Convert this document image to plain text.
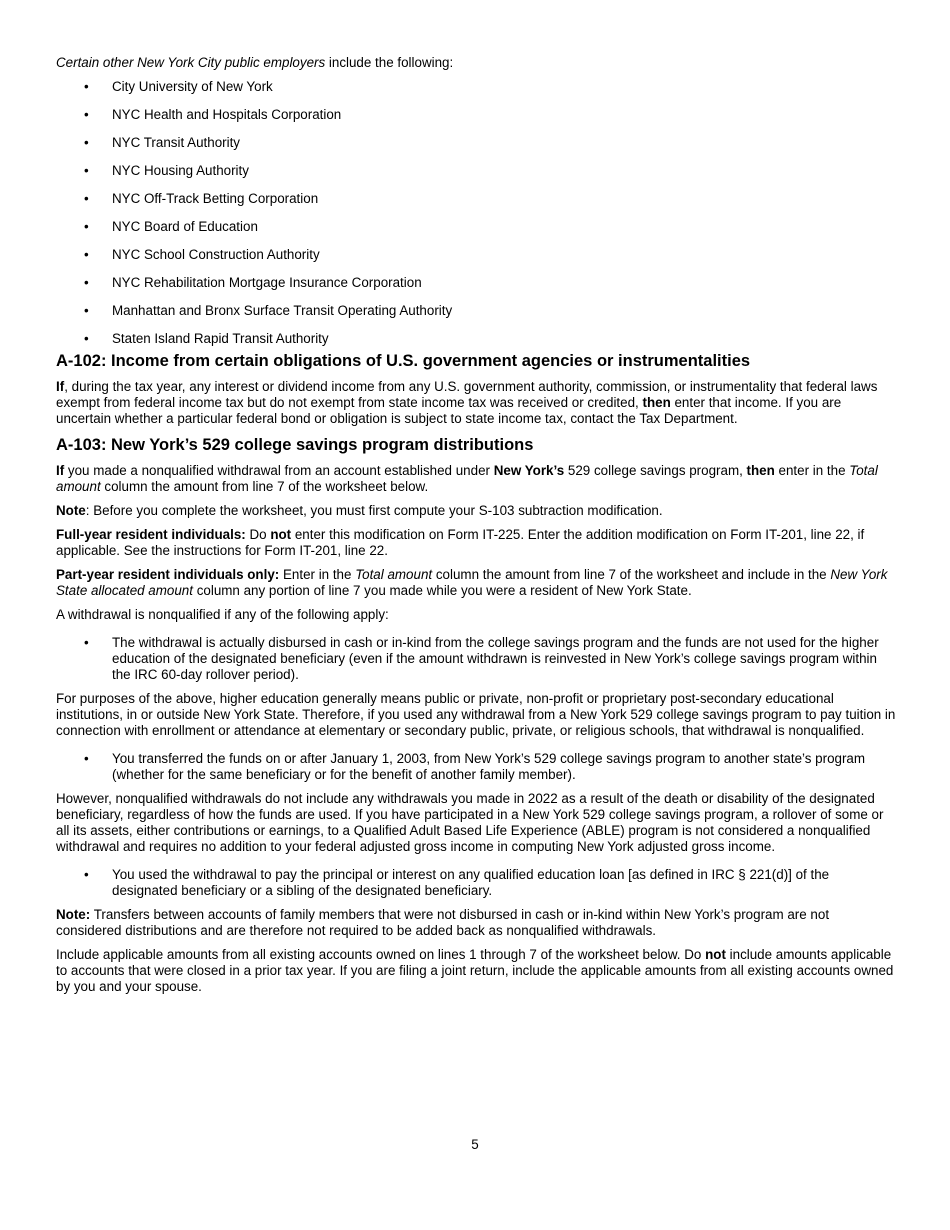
Certain other New York City public employers include the following:

• City University of New York
• NYC Health and Hospitals Corporation
• NYC Transit Authority
• NYC Housing Authority
• NYC Off-Track Betting Corporation
• NYC Board of Education
• NYC School Construction Authority
• NYC Rehabilitation Mortgage Insurance Corporation
• Manhattan and Bronx Surface Transit Operating Authority
• Staten Island Rapid Transit Authority
A-102: Income from certain obligations of U.S. government agencies or instrumentalities

If, during the tax year, any interest or dividend income from any U.S. government authority, commission, or instrumentality that federal laws exempt from federal income tax but do not exempt from state income tax was received or credited, then enter that income. If you are uncertain whether a particular federal bond or obligation is subject to state income tax, contact the Tax Department.

A-103: New York’s 529 college savings program distributions

If you made a nonqualified withdrawal from an account established under New York’s 529 college savings program, then enter in the Total amount column the amount from line 7 of the worksheet below.

Note: Before you complete the worksheet, you must first compute your S-103 subtraction modification.

Full-year resident individuals: Do not enter this modification on Form IT-225. Enter the addition modification on Form IT-201, line 22, if applicable. See the instructions for Form IT-201, line 22.

Part-year resident individuals only: Enter in the Total amount column the amount from line 7 of the worksheet and include in the New York State allocated amount column any portion of line 7 you made while you were a resident of New York State.

A withdrawal is nonqualified if any of the following apply:

• The withdrawal is actually disbursed in cash or in-kind from the college savings program and the funds are not used for the higher education of the designated beneficiary (even if the amount withdrawn is reinvested in New York’s college savings program within the IRC 60-day rollover period).

For purposes of the above, higher education generally means public or private, non-profit or proprietary post-secondary educational institutions, in or outside New York State. Therefore, if you used any withdrawal from a New York 529 college savings program to pay tuition in connection with enrollment or attendance at elementary or secondary public, private, or religious schools, that withdrawal is nonqualified.

• You transferred the funds on or after January 1, 2003, from New York’s 529 college savings program to another state’s program (whether for the same beneficiary or for the benefit of another family member).

However, nonqualified withdrawals do not include any withdrawals you made in 2022 as a result of the death or disability of the designated beneficiary, regardless of how the funds are used. If you have participated in a New York 529 college savings program, a rollover of some or all its assets, either contributions or earnings, to a Qualified Adult Based Life Experience (ABLE) program is not considered a nonqualified withdrawal and requires no addition to your federal adjusted gross income in computing New York adjusted gross income.

• You used the withdrawal to pay the principal or interest on any qualified education loan [as defined in IRC § 221(d)] of the designated beneficiary or a sibling of the designated beneficiary.

Note: Transfers between accounts of family members that were not disbursed in cash or in-kind within New York’s program are not considered distributions and are therefore not required to be added back as nonqualified withdrawals.

Include applicable amounts from all existing accounts owned on lines 1 through 7 of the worksheet below. Do not include amounts applicable to accounts that were closed in a prior tax year. If you are filing a joint return, include the applicable amounts from all existing accounts owned by you and your spouse.

5
